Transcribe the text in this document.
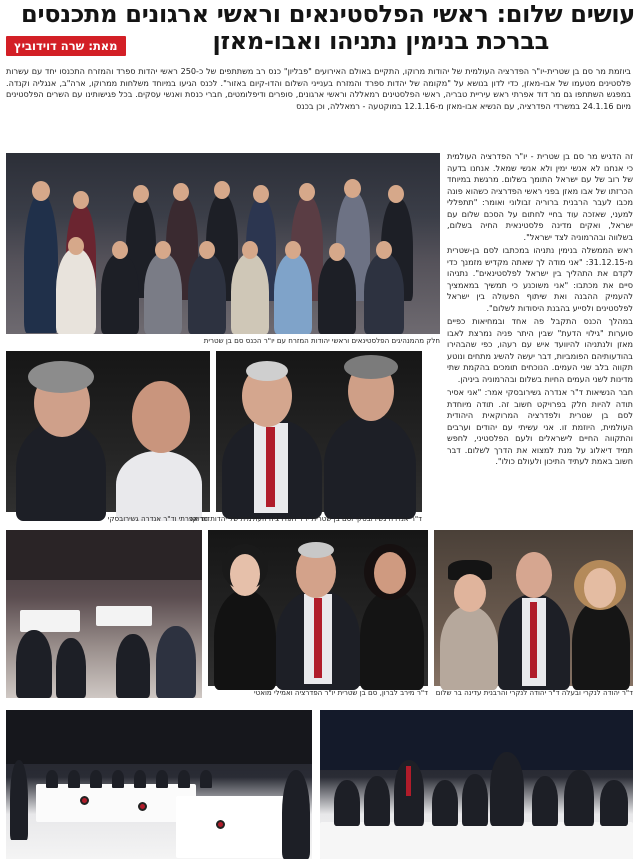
עושים שלום: ראשי הפלסטינאים וראשי ארגונים מתכנסים
בברכת בנימין נתניהו ואבו-מאזן
מאת: שרה דוידוביץ
ביוזמת מר סם בן שטרית-יו"ר הפדרציה העולמית של יהודות מרוקו, התקיים באולם האירועים "פבליון" כנס רב משתתפים של כ-250 ראשי יהדות ספרד והמזרח התכנסו יחד עם עשרות פלסטינים מטעמו של אבו-מאזן, כדי לדון בנושא על "מקומה של יהדות ספרד והמזרח בענייני השלום והדו-קיום באזור". לכנס הגיעו במיוחד משלחות ממרוקו, ארה"ב, אנגליה וקנדה. במפגש השתתפו גם מר דוד אפרתי ראש עיריית טבריה, ראשי הפלסטינים רמאללה וראשי ארגונים, סופרים ודיפלומטים, חברי כנסת ואנשי עסקים. בכל פגישותינו עם השרים הפלסטינים מיום 24.1.16 במשרדי הפדרציה, עם הנשיא אבו-מאזן מ-12.1.16 במוקטעה - רמאללה, וכן בכנס
חלק מהמנהיגים הפלסטינאים וראשי יהודות המזרח עם יו"ר הכנס סם בן שטרית
דוד אפרתי וד"ר אנדרה גשירובסקי
ד"ר אנדרה גשירובסקי וסם בן שטרית יו"ר הפדרציה העולמית של יהדות מרוקו

זה הדגיש מר סם בן שטרית - יו"ר הפדרציה העולמית כי אנחנו לא אנשי ימין ולא אנשי שמאל. אנחנו בדעה של רוב של עם ישראל התומך בשלום. מרגשת במיוחד הכרזתו של אבו מאזן בפני ראשי הפדרציה כשהוא פונה מכבו לעבר הרבנית ברוריה זבולוני ואומר: "תתפללי למעני, שאזכה עוד בחיי לחתום על הסכם שלום עם ישראל, ואקים מדינה פלסטינאית החיה בשלום, בשלווה ובהרמוניה לצד ישראל".

ראש הממשלה בנימין נתניהו במכתבו לסם בן-שטרית מ-31.12.15: "אני מודה לך שאתה מקדיש מזמנך כדי לקדם את התהליך בין ישראל לפלסטינאים". נתניהו סיים את מכתבו: "אני משוכנע כי תמשיך במאמציך להעמיק ההבנה ואת שיתוף הפעולה בין ישראל לפלסטינים ולסייע בהבנת היסודות לשלום".

במהלך הכנס התקבל פה אחד ובמחיאות כפיים סוערות "גילוי הדעת" שבין היתר פניה נמרצת לאבו מאזן ולנתניהו להיוועד איש עם רעהו, כפי שהבהירו בהודעותיהם הפומביות, דבר יעשה להשיג מתחים ונוטע תקווה בלב שני העמים. הנוכחים תומכים בהקמת שתי מדינות לשני העמים החיות בשלום ובהרמוניה ביניהן.

חבר הנשיאות ד"ר אנדרה גשירובסקי אמר: "אני אסיר תודה להיות חלק בפרויקט חשוב זה. תודה מיוחדת לסם בן שטרית ולפדרציה המרוקאית היהודית העולמית, היוזמת זו. אני עשיתי עם יהודים וערבים והתקווה החיים לישראלים ולעם הפלסטיני, לחפש תמיד דיאלוג על מנת למצוא את הדרך לשלום. דבר חשוב באמת לעתיד התיכון ולעולם כולו".

ד"ר מירב לברון, סם בן שטרית יו"ר הפדרציה ואמילי מואטי ד"ר יהודה לנקרי ובעלה ד"ר יהודה לנקרי והרבנית עדינה בר שלום
